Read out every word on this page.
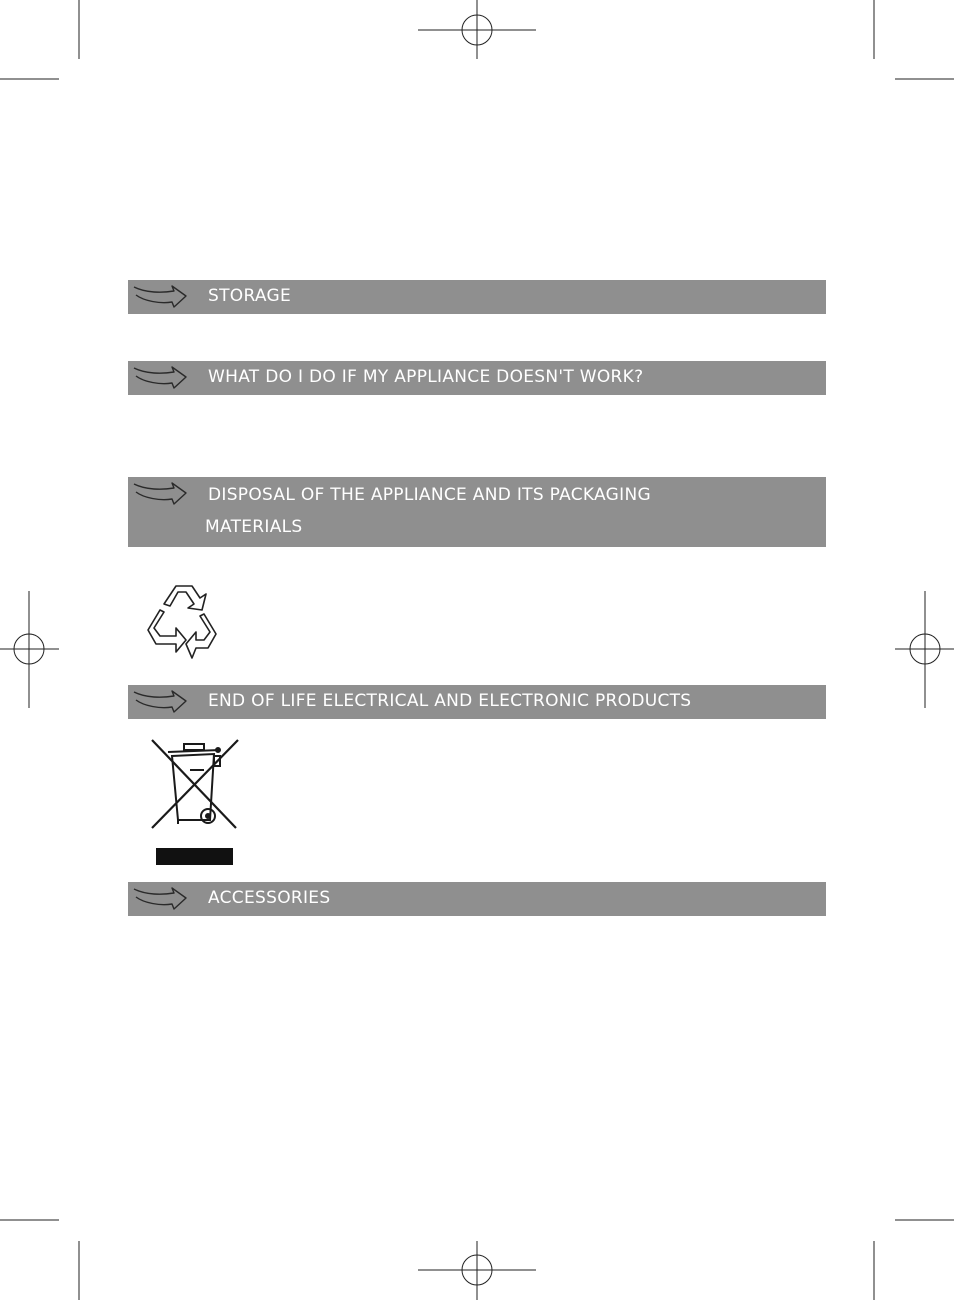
STORAGE
WHAT DO I DO IF MY APPLIANCE DOESN'T WORK?
DISPOSAL OF THE APPLIANCE AND ITS PACKAGING
MATERIALS
END OF LIFE ELECTRICAL AND ELECTRONIC PRODUCTS
ACCESSORIES
